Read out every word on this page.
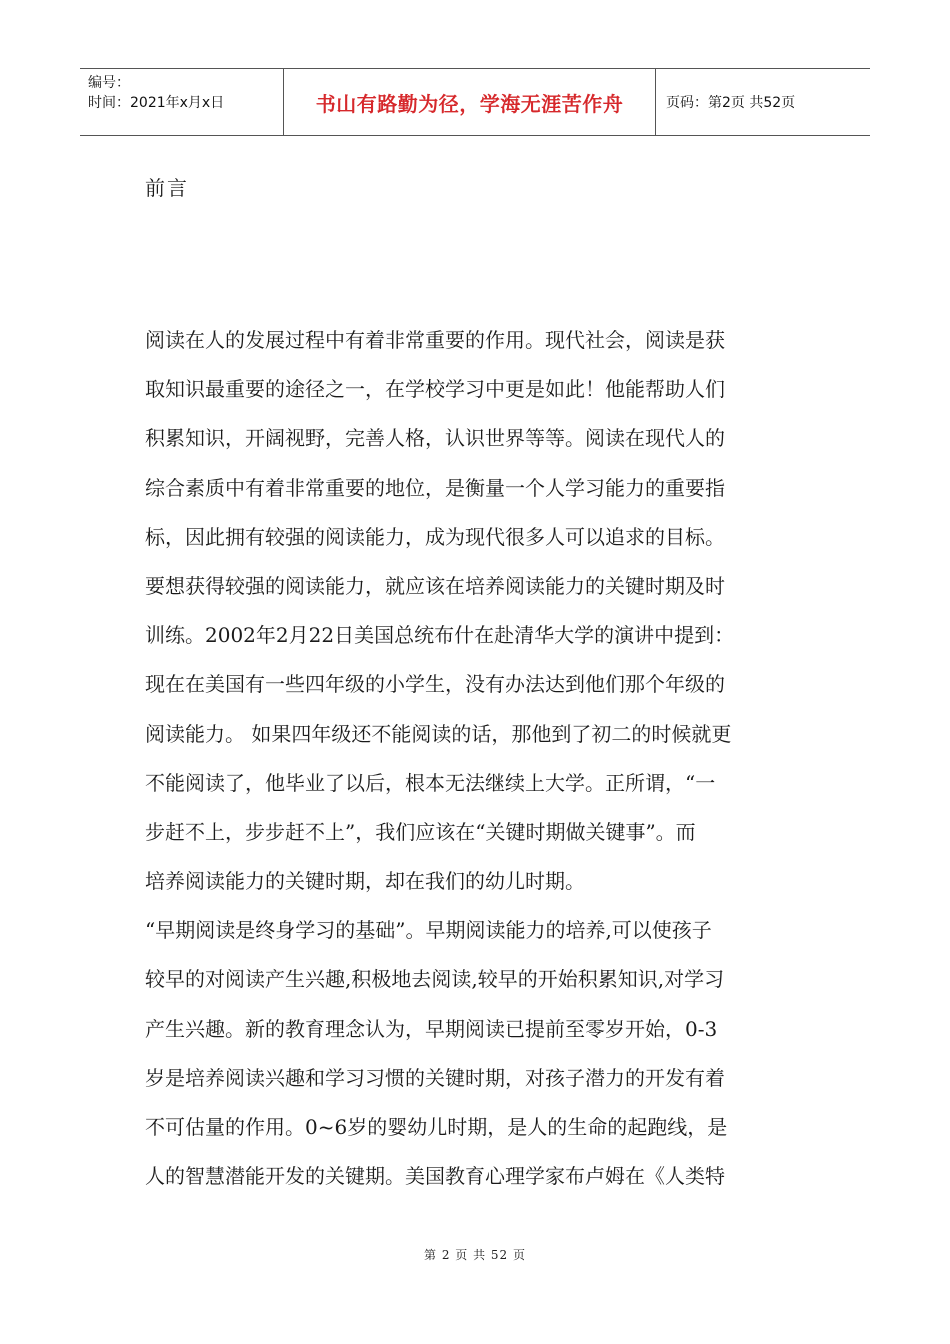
编号：
时间：2021年x月x日	书山有路勤为径，学海无涯苦作舟	页码：第2页 共52页
前言
阅读在人的发展过程中有着非常重要的作用。现代社会，阅读是获
取知识最重要的途径之一，在学校学习中更是如此！他能帮助人们
积累知识，开阔视野，完善人格，认识世界等等。阅读在现代人的
综合素质中有着非常重要的地位，是衡量一个人学习能力的重要指
标，因此拥有较强的阅读能力，成为现代很多人可以追求的目标。
要想获得较强的阅读能力，就应该在培养阅读能力的关键时期及时
训练。2002年2月22日美国总统布什在赴清华大学的演讲中提到：
现在在美国有一些四年级的小学生，没有办法达到他们那个年级的
阅读能力。 如果四年级还不能阅读的话，那他到了初二的时候就更
不能阅读了，他毕业了以后，根本无法继续上大学。正所谓，“一
步赶不上，步步赶不上”，我们应该在“关键时期做关键事”。而
培养阅读能力的关键时期，却在我们的幼儿时期。
“早期阅读是终身学习的基础”。早期阅读能力的培养,可以使孩子
较早的对阅读产生兴趣,积极地去阅读,较早的开始积累知识,对学习
产生兴趣。新的教育理念认为，早期阅读已提前至零岁开始，0-3
岁是培养阅读兴趣和学习习惯的关键时期，对孩子潜力的开发有着
不可估量的作用。0~6岁的婴幼儿时期，是人的生命的起跑线，是
人的智慧潜能开发的关键期。美国教育心理学家布卢姆在《人类特
第 2 页 共 52 页
